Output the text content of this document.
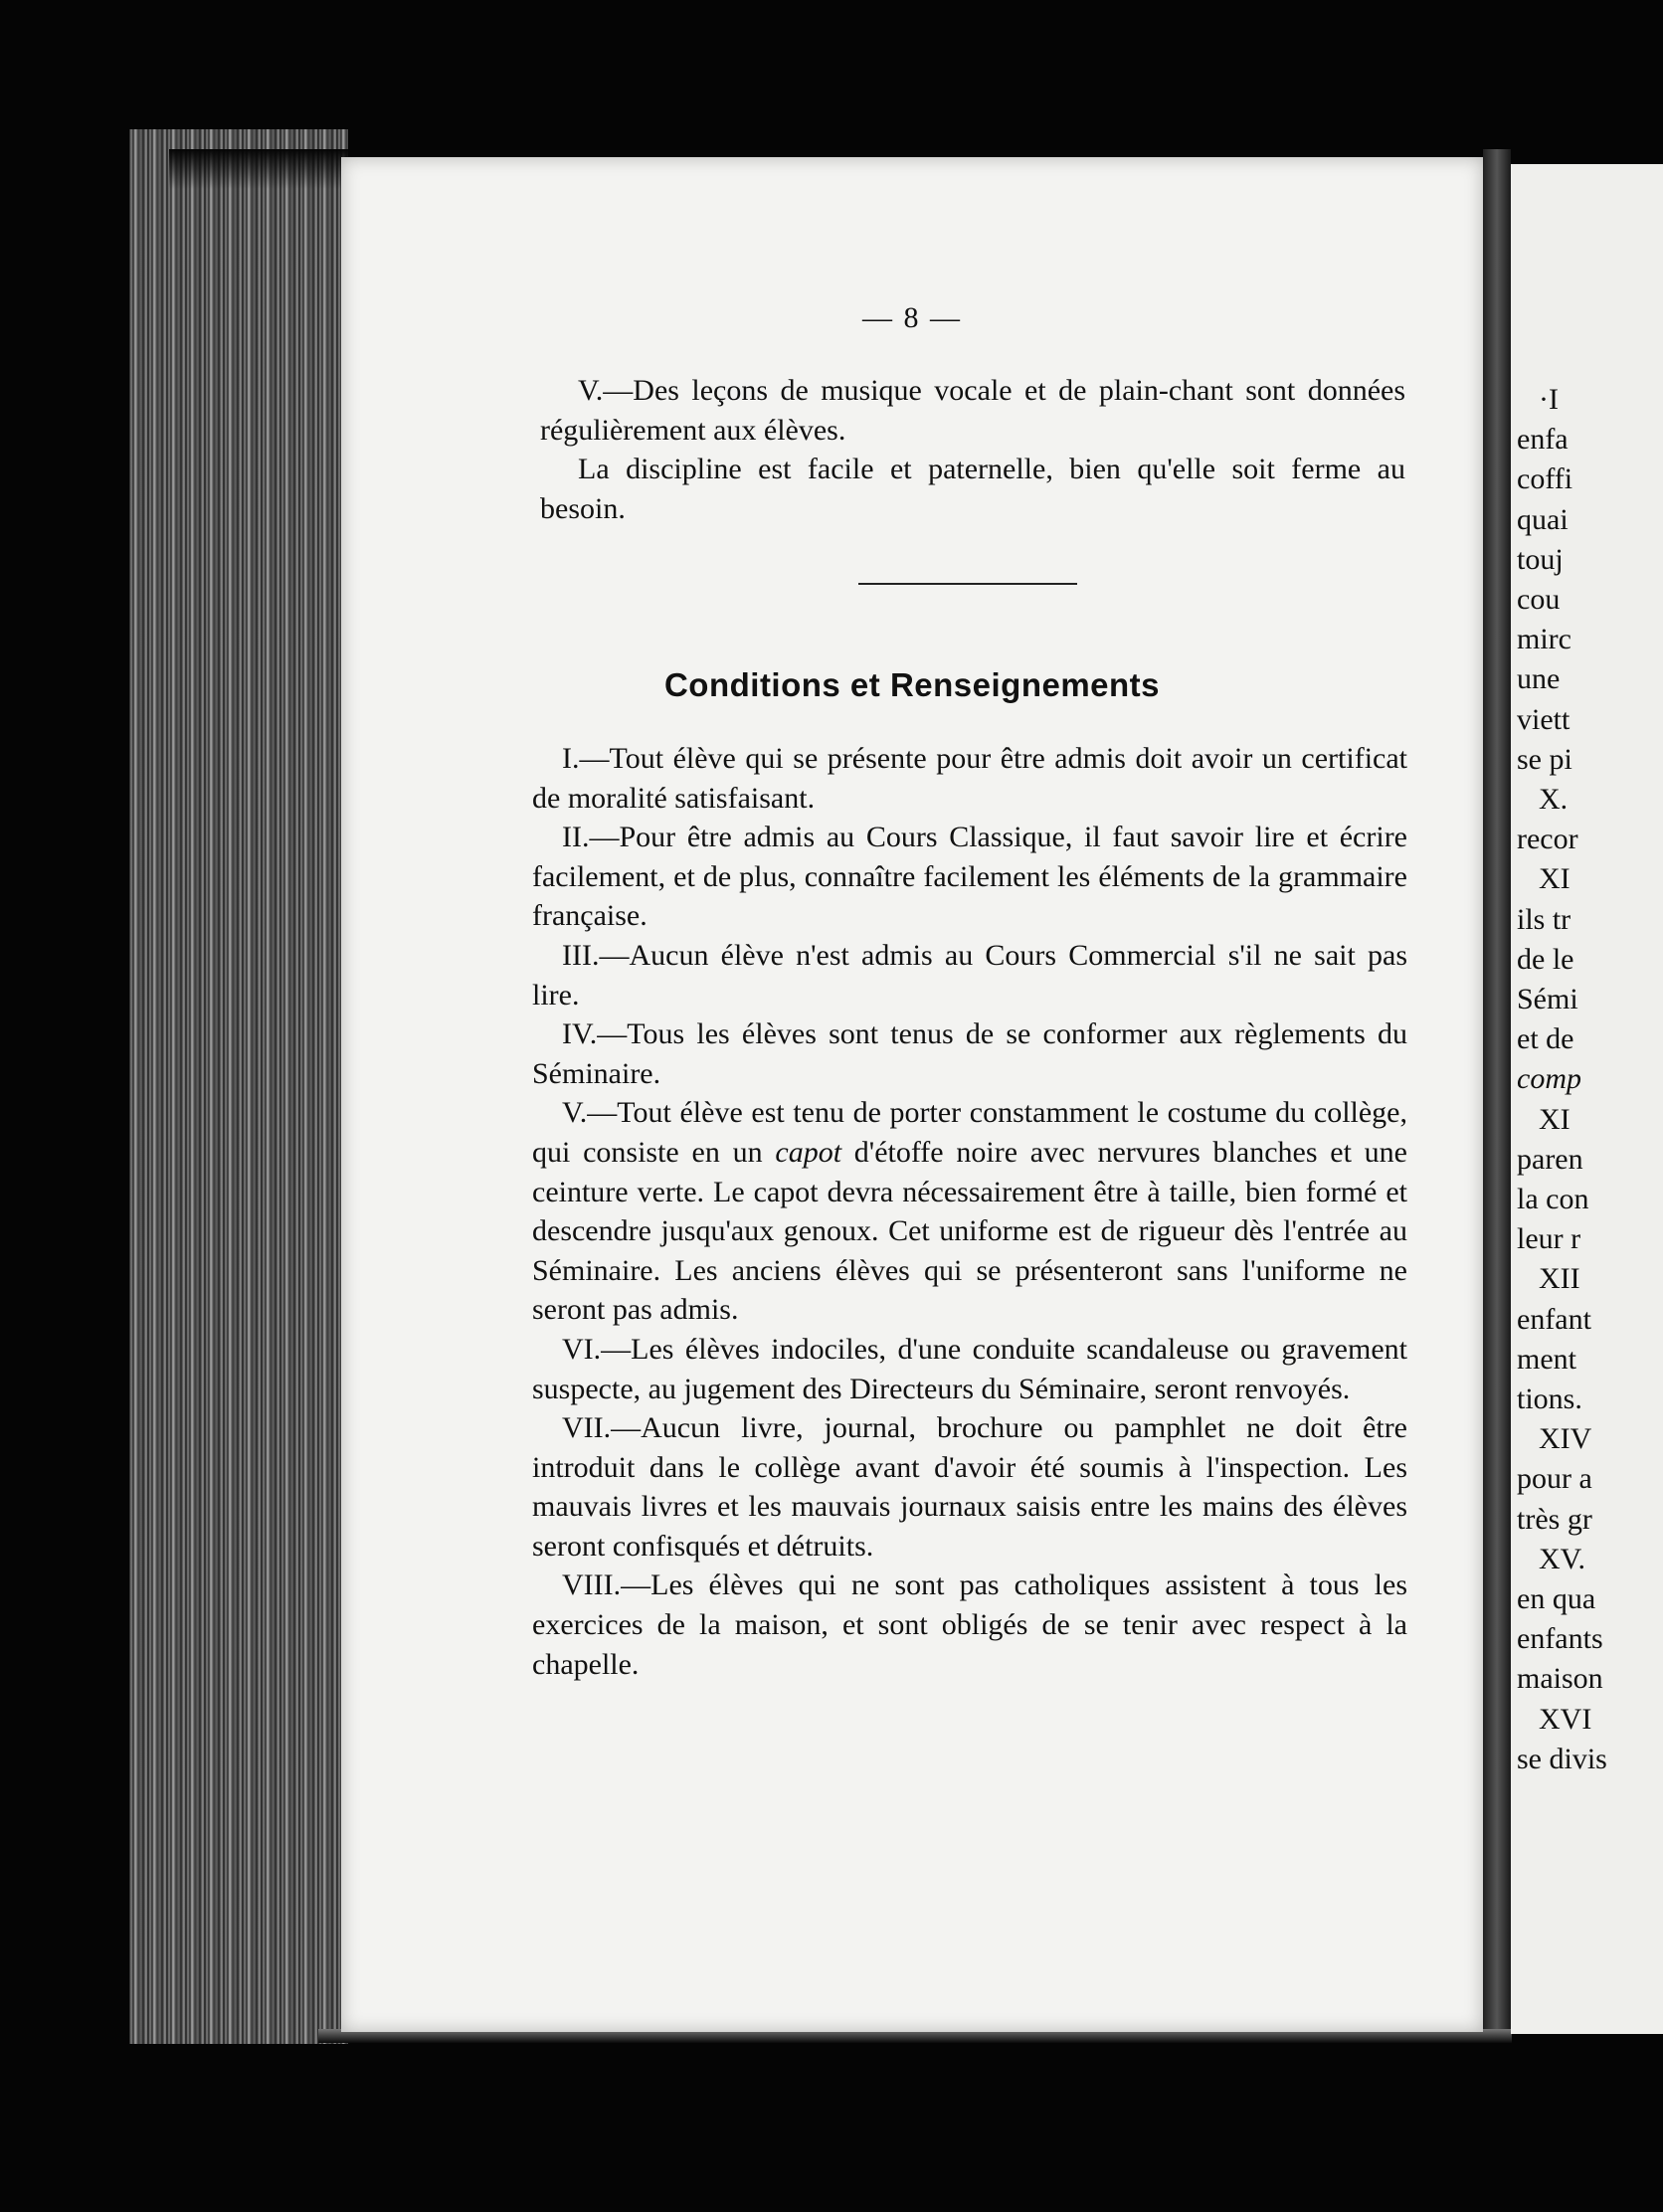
— 8 —

V.—Des leçons de musique vocale et de plain-chant sont données régulièrement aux élèves.

La discipline est facile et paternelle, bien qu'elle soit ferme au besoin.

Conditions et Renseignements

I.—Tout élève qui se présente pour être admis doit avoir un certificat de moralité satisfaisant.

II.—Pour être admis au Cours Classique, il faut savoir lire et écrire facilement, et de plus, connaître facilement les éléments de la grammaire française.

III.—Aucun élève n'est admis au Cours Commercial s'il ne sait pas lire.

IV.—Tous les élèves sont tenus de se conformer aux règlements du Séminaire.

V.—Tout élève est tenu de porter constamment le costume du collège, qui consiste en un capot d'étoffe noire avec nervures blanches et une ceinture verte. Le capot devra nécessairement être à taille, bien formé et descendre jusqu'aux genoux. Cet uniforme est de rigueur dès l'entrée au Séminaire. Les anciens élèves qui se présenteront sans l'uniforme ne seront pas admis.

VI.—Les élèves indociles, d'une conduite scandaleuse ou gravement suspecte, au jugement des Directeurs du Séminaire, seront renvoyés.

VII.—Aucun livre, journal, brochure ou pamphlet ne doit être introduit dans le collège avant d'avoir été soumis à l'inspection. Les mauvais livres et les mauvais journaux saisis entre les mains des élèves seront confisqués et détruits.

VIII.—Les élèves qui ne sont pas catholiques assistent à tous les exercices de la maison, et sont obligés de se tenir avec respect à la chapelle.

·I
enfa
coffi
quai
touj
cou
mirc
une
viett
se pi
X.
recor
XI
ils tr
de le
Sémi
et de
comp
XI
paren
la con
leur r
XII
enfant
ment
tions.
XIV
pour a
très gr
XV.
en qua
enfants
maison
XVI
se divis
